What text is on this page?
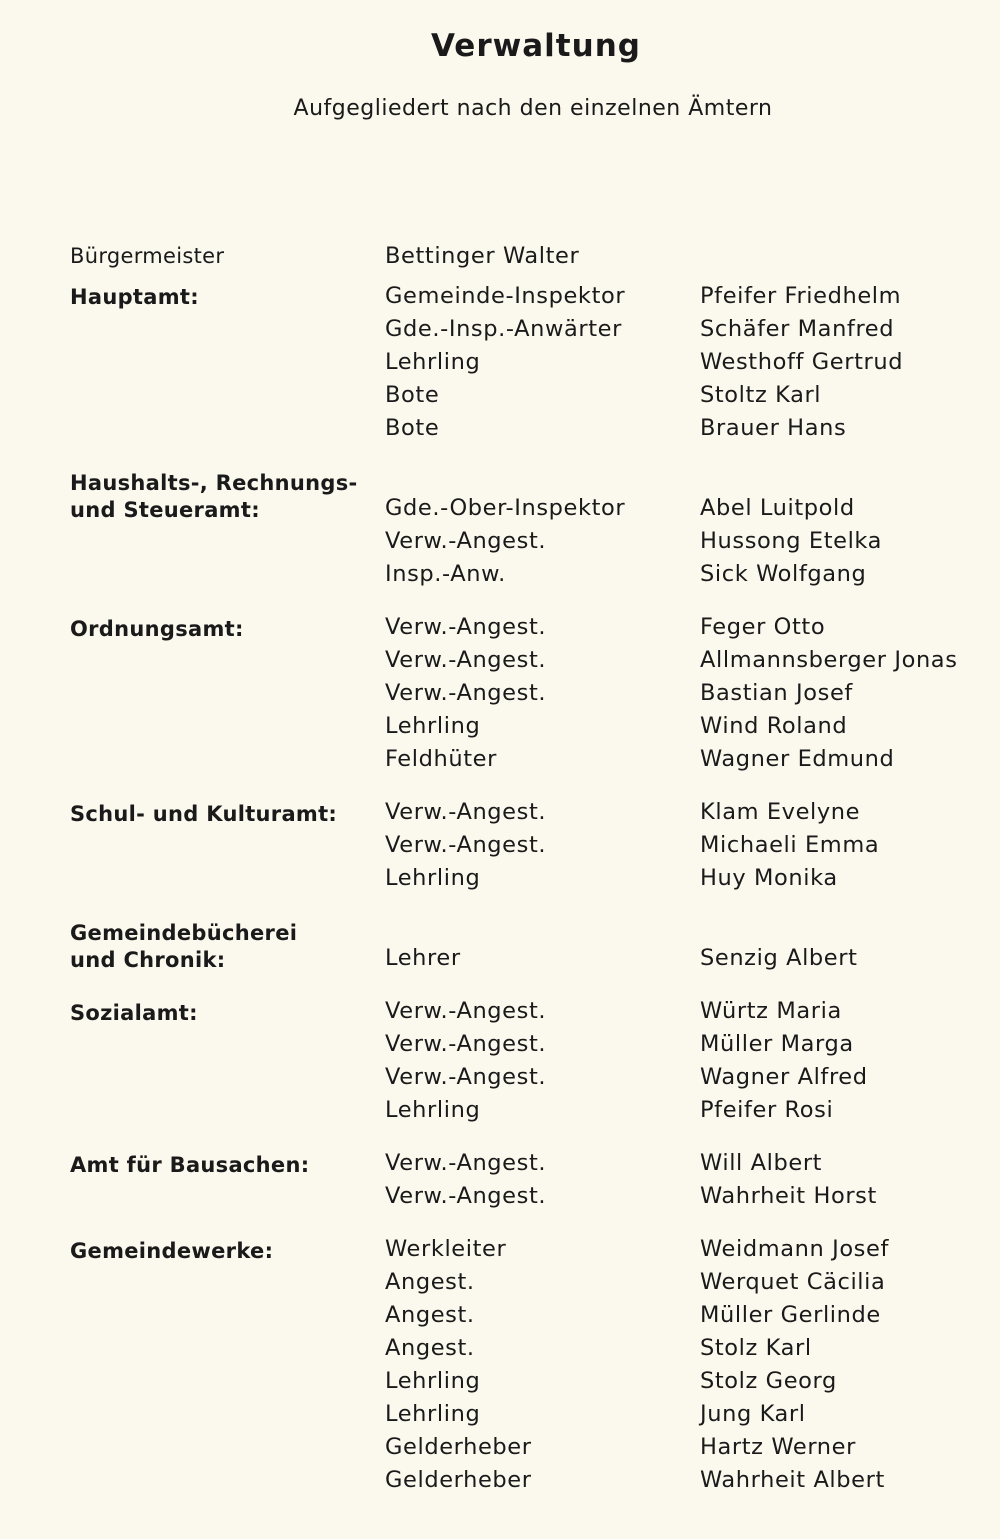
Verwaltung
Aufgegliedert nach den einzelnen Ämtern
Bürgermeister	Bettinger Walter
Hauptamt:	Gemeinde-Inspektor	Pfeifer Friedhelm
Gde.-Insp.-Anwärter	Schäfer Manfred
Lehrling	Westhoff Gertrud
Bote	Stoltz Karl
Bote	Brauer Hans
Haushalts-, Rechnungs-
und Steueramt:	Gde.-Ober-Inspektor	Abel Luitpold
Verw.-Angest.	Hussong Etelka
Insp.-Anw.	Sick Wolfgang
Ordnungsamt:	Verw.-Angest.	Feger Otto
Verw.-Angest.	Allmannsberger Jonas
Verw.-Angest.	Bastian Josef
Lehrling	Wind Roland
Feldhüter	Wagner Edmund
Schul- und Kulturamt:	Verw.-Angest.	Klam Evelyne
Verw.-Angest.	Michaeli Emma
Lehrling	Huy Monika
Gemeindebücherei
und Chronik:	Lehrer	Senzig Albert
Sozialamt:	Verw.-Angest.	Würtz Maria
Verw.-Angest.	Müller Marga
Verw.-Angest.	Wagner Alfred
Lehrling	Pfeifer Rosi
Amt für Bausachen:	Verw.-Angest.	Will Albert
Verw.-Angest.	Wahrheit Horst
Gemeindewerke:	Werkleiter	Weidmann Josef
Angest.	Werquet Cäcilia
Angest.	Müller Gerlinde
Angest.	Stolz Karl
Lehrling	Stolz Georg
Lehrling	Jung Karl
Gelderheber	Hartz Werner
Gelderheber	Wahrheit Albert
